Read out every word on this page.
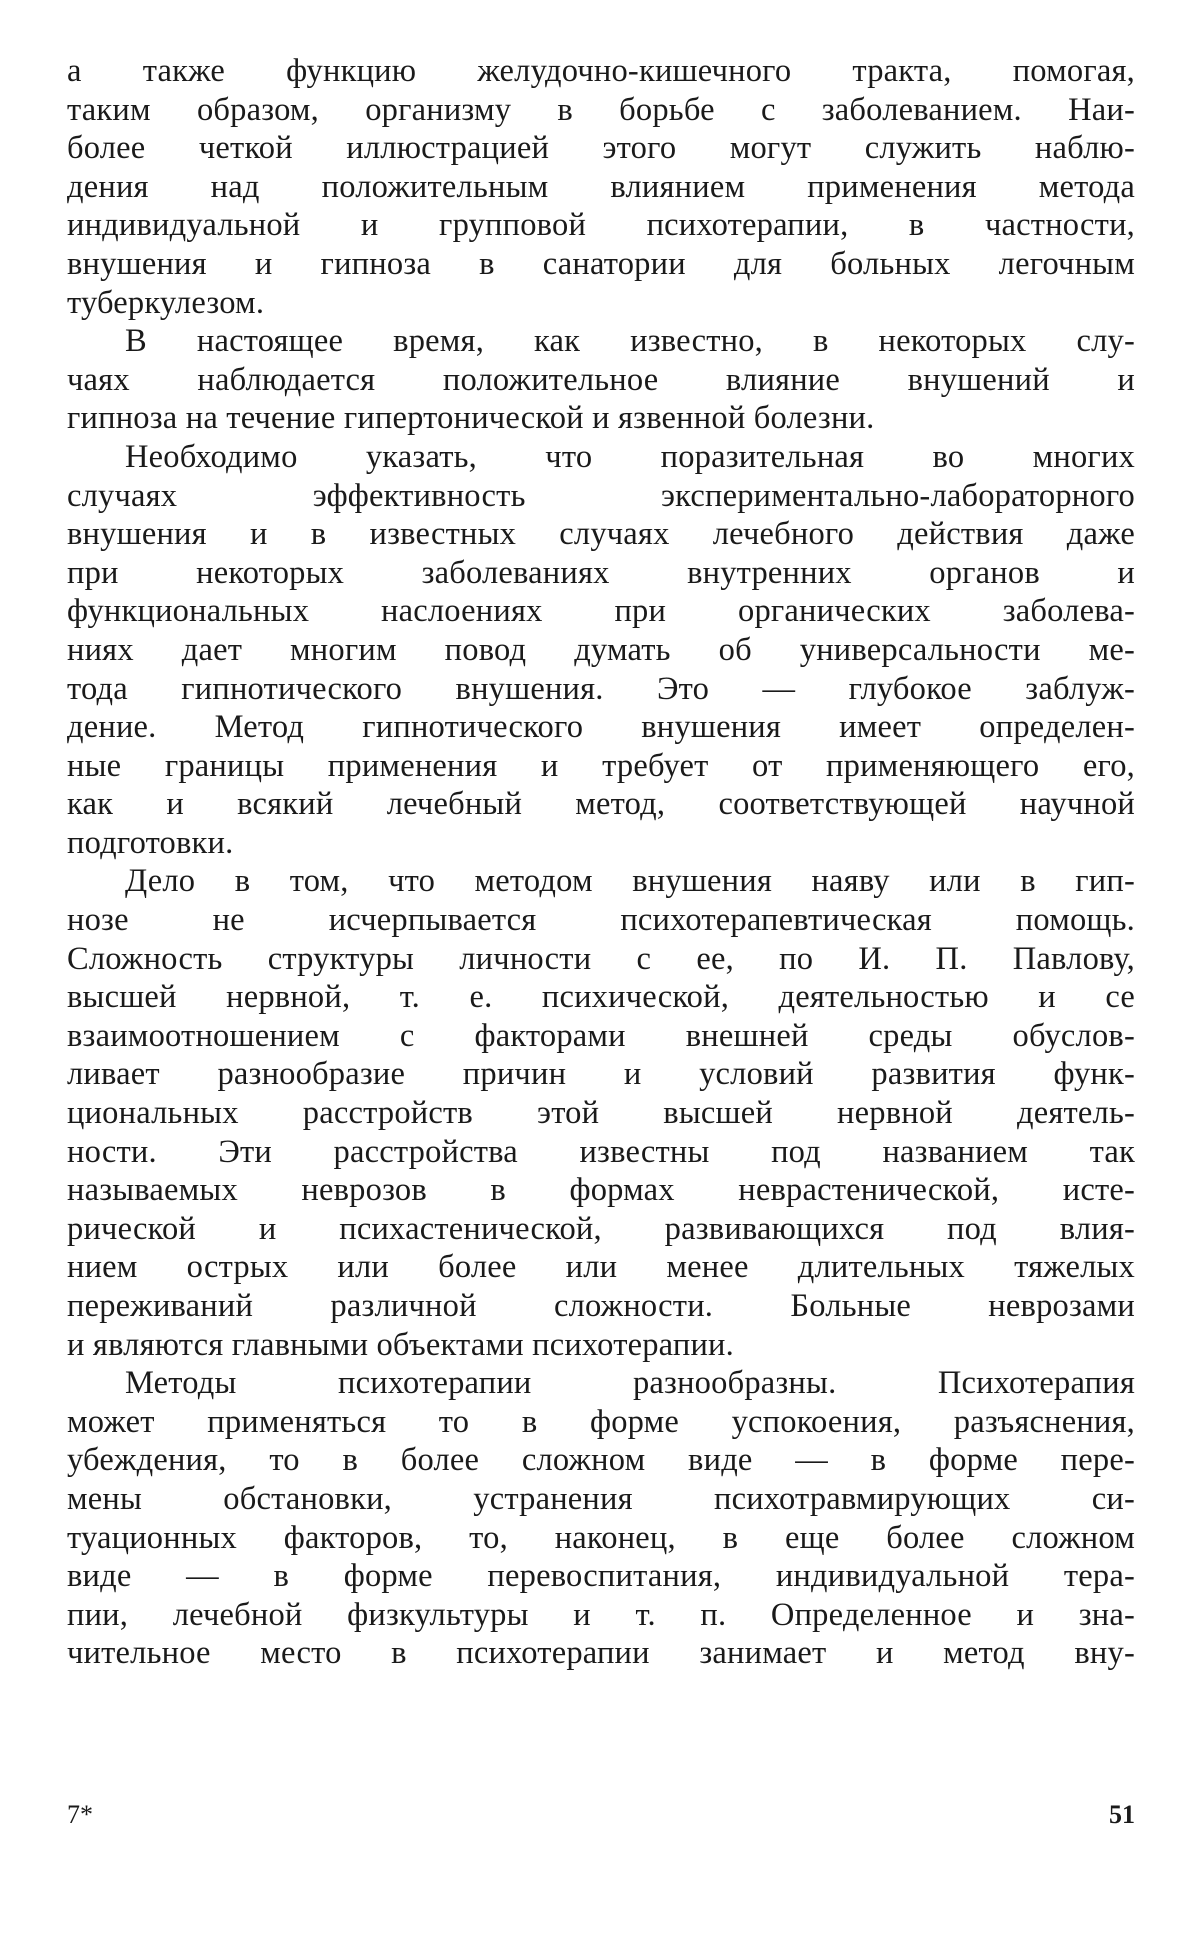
а также функцию желудочно-кишечного тракта, помогая,
таким образом, организму в борьбе с заболеванием. Наи-
более четкой иллюстрацией этого могут служить наблю-
дения над положительным влиянием применения метода
индивидуальной и групповой психотерапии, в частности,
внушения и гипноза в санатории для больных легочным
туберкулезом.
В настоящее время, как известно, в некоторых слу-
чаях наблюдается положительное влияние внушений и
гипноза на течение гипертонической и язвенной болезни.
Необходимо указать, что поразительная во многих
случаях эффективность экспериментально-лабораторного
внушения и в известных случаях лечебного действия даже
при некоторых заболеваниях внутренних органов и
функциональных наслоениях при органических заболева-
ниях дает многим повод думать об универсальности ме-
тода гипнотического внушения. Это — глубокое заблуж-
дение. Метод гипнотического внушения имеет определен-
ные границы применения и требует от применяющего его,
как и всякий лечебный метод, соответствующей научной
подготовки.
Дело в том, что методом внушения наяву или в гип-
нозе не исчерпывается психотерапевтическая помощь.
Сложность структуры личности с ее, по И. П. Павлову,
высшей нервной, т. е. психической, деятельностью и се
взаимоотношением с факторами внешней среды обуслов-
ливает разнообразие причин и условий развития функ-
циональных расстройств этой высшей нервной деятель-
ности. Эти расстройства известны под названием так
называемых неврозов в формах неврастенической, исте-
рической и психастенической, развивающихся под влия-
нием острых или более или менее длительных тяжелых
переживаний различной сложности. Больные неврозами
и являются главными объектами психотерапии.
Методы психотерапии разнообразны. Психотерапия
может применяться то в форме успокоения, разъяснения,
убеждения, то в более сложном виде — в форме пере-
мены обстановки, устранения психотравмирующих си-
туационных факторов, то, наконец, в еще более сложном
виде — в форме перевоспитания, индивидуальной тера-
пии, лечебной физкультуры и т. п. Определенное и зна-
чительное место в психотерапии занимает и метод вну-
7*	51
